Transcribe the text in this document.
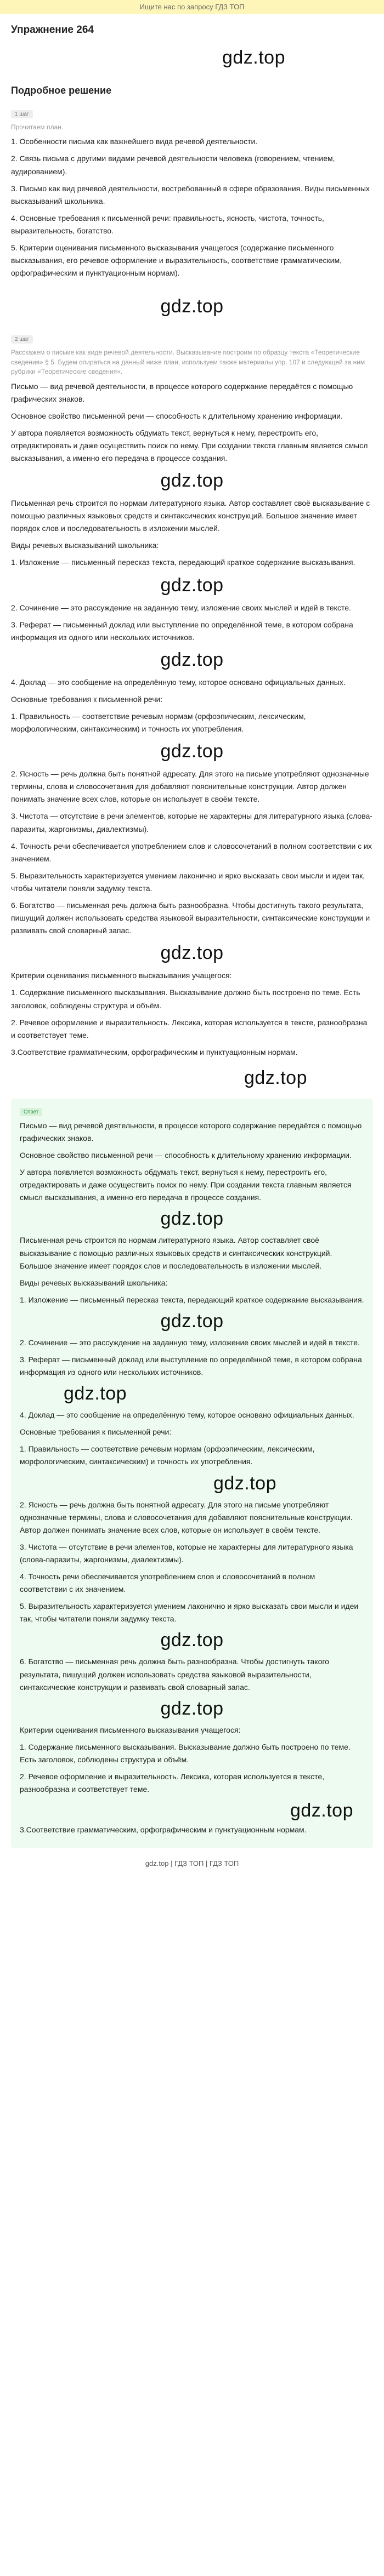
Ищите нас по запросу ГДЗ ТОП
Упражнение 264
gdz.top
Подробное решение
1 шаг
Прочитаем план.

1. Особенности письма как важнейшего вида речевой деятельности.

2. Связь письма с другими видами речевой деятельности человека (говорением, чтением, аудированием).

3. Письмо как вид речевой деятельности, востребованный в сфере образования. Виды письменных высказываний школьника.

4. Основные требования к письменной речи: правильность, ясность, чистота, точность, выразительность, богатство.

5. Критерии оценивания письменного высказывания учащегося (содержание письменного высказывания, его речевое оформление и выразительность, соответствие грамматическим, орфографическим и пунктуационным нормам).

gdz.top
2 шаг
Расскажем о письме как виде речевой деятельности. Высказывание построим по образцу текста «Теоретические сведения» § 5. Будем опираться на данный ниже план, используем также материалы упр. 107 и следующей за ним рубрики «Теоретические сведения».

Письмо — вид речевой деятельности, в процессе которого содержание передаётся с помощью графических знаков.

Основное свойство письменной речи — способность к длительному хранению информации.

У автора появляется возможность обдумать текст, вернуться к нему, перестроить его, отредактировать и даже осуществить поиск по нему. При создании текста главным является смысл высказывания, а именно его передача в процессе создания.

gdz.top

Письменная речь строится по нормам литературного языка. Автор составляет своё высказывание с помощью различных языковых средств и синтаксических конструкций. Большое значение имеет порядок слов и последовательность в изложении мыслей.

Виды речевых высказываний школьника:

1. Изложение — письменный пересказ текста, передающий краткое содержание высказывания.

gdz.top

2. Сочинение — это рассуждение на заданную тему, изложение своих мыслей и идей в тексте.

3. Реферат — письменный доклад или выступление по определённой теме, в котором собрана информация из одного или нескольких источников.

gdz.top

4. Доклад — это сообщение на определённую тему, которое основано официальных данных.

Основные требования к письменной речи:

1. Правильность — соответствие речевым нормам (орфоэпическим, лексическим, морфологическим, синтаксическим) и точность их употребления.

gdz.top

2. Ясность — речь должна быть понятной адресату. Для этого на письме употребляют однозначные термины, слова и словосочетания для добавляют пояснительные конструкции. Автор должен понимать значение всех слов, которые он использует в своём тексте.

3. Чистота — отсутствие в речи элементов, которые не характерны для литературного языка (слова-паразиты, жаргонизмы, диалектизмы).

4. Точность речи обеспечивается употреблением слов и словосочетаний в полном соответствии с их значением.

5. Выразительность характеризуется умением лаконично и ярко высказать свои мысли и идеи так, чтобы читатели поняли задумку текста.

6. Богатство — письменная речь должна быть разнообразна. Чтобы достигнуть такого результата, пишущий должен использовать средства языковой выразительности, синтаксические конструкции и развивать свой словарный запас.

gdz.top

Критерии оценивания письменного высказывания учащегося:

1. Содержание письменного высказывания. Высказывание должно быть построено по теме. Есть заголовок, соблюдены структура и объём.

2. Речевое оформление и выразительность. Лексика, которая используется в тексте, разнообразна и соответствует теме.

3.Соответствие грамматическим, орфографическим и пунктуационным нормам.

gdz.top
Ответ

Письмо — вид речевой деятельности, в процессе которого содержание передаётся с помощью графических знаков.

Основное свойство письменной речи — способность к длительному хранению информации.

У автора появляется возможность обдумать текст, вернуться к нему, перестроить его, отредактировать и даже осуществить поиск по нему. При создании текста главным является смысл высказывания, а именно его передача в процессе создания.

gdz.top

Письменная речь строится по нормам литературного языка. Автор составляет своё высказывание с помощью различных языковых средств и синтаксических конструкций. Большое значение имеет порядок слов и последовательность в изложении мыслей.

Виды речевых высказываний школьника:

1. Изложение — письменный пересказ текста, передающий краткое содержание высказывания.

gdz.top

2. Сочинение — это рассуждение на заданную тему, изложение своих мыслей и идей в тексте.

3. Реферат — письменный доклад или выступление по определённой теме, в котором собрана информация из одного или нескольких источников.

gdz.top

4. Доклад — это сообщение на определённую тему, которое основано официальных данных.

Основные требования к письменной речи:

1. Правильность — соответствие речевым нормам (орфоэпическим, лексическим, морфологическим, синтаксическим) и точность их употребления.

gdz.top

2. Ясность — речь должна быть понятной адресату. Для этого на письме употребляют однозначные термины, слова и словосочетания для добавляют пояснительные конструкции. Автор должен понимать значение всех слов, которые он использует в своём тексте.

3. Чистота — отсутствие в речи элементов, которые не характерны для литературного языка (слова-паразиты, жаргонизмы, диалектизмы).

4. Точность речи обеспечивается употреблением слов и словосочетаний в полном соответствии с их значением.

5. Выразительность характеризуется умением лаконично и ярко высказать свои мысли и идеи так, чтобы читатели поняли задумку текста.

gdz.top

6. Богатство — письменная речь должна быть разнообразна. Чтобы достигнуть такого результата, пишущий должен использовать средства языковой выразительности, синтаксические конструкции и развивать свой словарный запас.

gdz.top

Критерии оценивания письменного высказывания учащегося:

1. Содержание письменного высказывания. Высказывание должно быть построено по теме. Есть заголовок, соблюдены структура и объём.

2. Речевое оформление и выразительность. Лексика, которая используется в тексте, разнообразна и соответствует теме.

gdz.top

3.Соответствие грамматическим, орфографическим и пунктуационным нормам.

gdz.top | ГДЗ ТОП | ГДЗ ТОП
